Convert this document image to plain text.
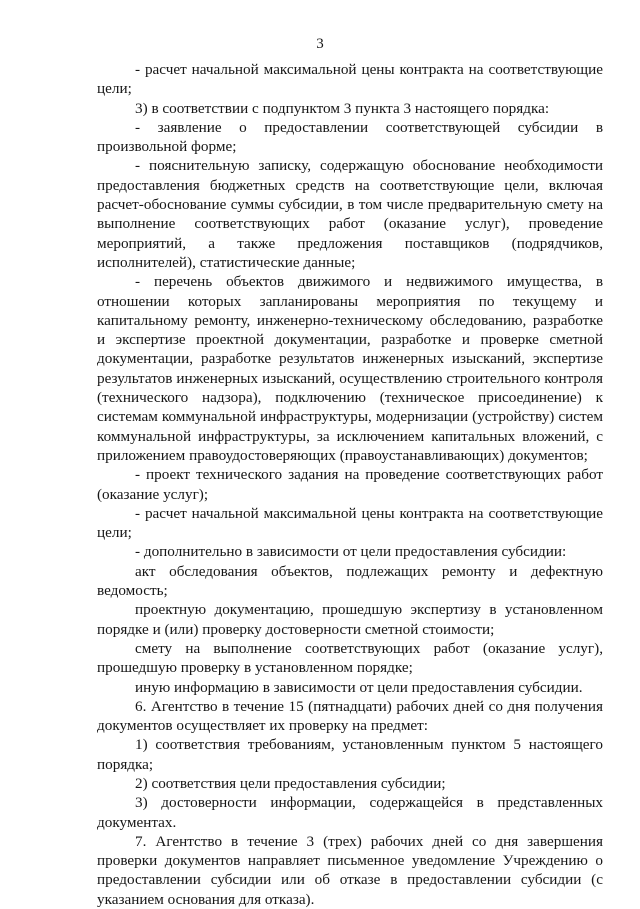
3

- расчет начальной максимальной цены контракта на соответствующие цели;

3) в соответствии с подпунктом 3 пункта 3 настоящего порядка:

- заявление о предоставлении соответствующей субсидии в произвольной форме;

- пояснительную записку, содержащую обоснование необходимости предоставления бюджетных средств на соответствующие цели, включая расчет-обоснование суммы субсидии, в том числе предварительную смету на выполнение соответствующих работ (оказание услуг), проведение мероприятий, а также предложения поставщиков (подрядчиков, исполнителей), статистические данные;

- перечень объектов движимого и недвижимого имущества, в отношении которых запланированы мероприятия по текущему и капитальному ремонту, инженерно-техническому обследованию, разработке и экспертизе проектной документации, разработке и проверке сметной документации, разработке результатов инженерных изысканий, экспертизе результатов инженерных изысканий, осуществлению строительного контроля (технического надзора), подключению (техническое присоединение) к системам коммунальной инфраструктуры, модернизации (устройству) систем коммунальной инфраструктуры, за исключением капитальных вложений, с приложением правоудостоверяющих (правоустанавливающих) документов;

- проект технического задания на проведение соответствующих работ (оказание услуг);

- расчет начальной максимальной цены контракта на соответствующие цели;

- дополнительно в зависимости от цели предоставления субсидии:

акт обследования объектов, подлежащих ремонту и дефектную ведомость;

проектную документацию, прошедшую экспертизу в установленном порядке и (или) проверку достоверности сметной стоимости;

смету на выполнение соответствующих работ (оказание услуг), прошедшую проверку в установленном порядке;

иную информацию в зависимости от цели предоставления субсидии.

6. Агентство в течение 15 (пятнадцати) рабочих дней со дня получения документов осуществляет их проверку на предмет:

1) соответствия требованиям, установленным пунктом 5 настоящего порядка;

2) соответствия цели предоставления субсидии;

3) достоверности информации, содержащейся в представленных документах.

7. Агентство в течение 3 (трех) рабочих дней со дня завершения проверки документов направляет письменное уведомление Учреждению о предоставлении субсидии или об отказе в предоставлении субсидии (с указанием основания для отказа).
